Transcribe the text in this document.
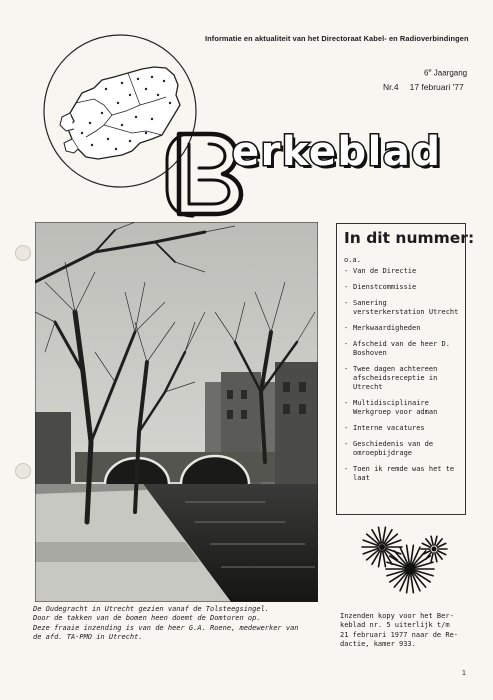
Informatie en aktualiteit van het Directoraat Kabel- en Radioverbindingen
6e Jaargang
Nr.4 17 februari '77
erkeblad
De Oudegracht in Utrecht gezien vanaf de Tolsteegsingel.
Door de takken van de bomen heen doemt de Domtoren op.
Deze fraaie inzending is van de heer G.A. Roene, medewerker van
de afd. TA-PMO in Utrecht.
In dit nummer:
o.a.
- Van de Directie
- Dienstcommissie
- Sanering versterkerstation Utrecht
- Merkwaardigheden
- Afscheid van de heer D. Boshoven
- Twee dagen achtereen afscheidsreceptie in Utrecht
- Multidisciplinaire Werkgroep voor adman
- Interne vacatures
- Geschiedenis van de omroepbijdrage
- Toen ik remde was het te laat
Inzenden kopy voor het Ber-
keblad nr. 5 uiterlijk t/m
21 februari 1977 naar de Re-
dactie, kamer 933.
1
